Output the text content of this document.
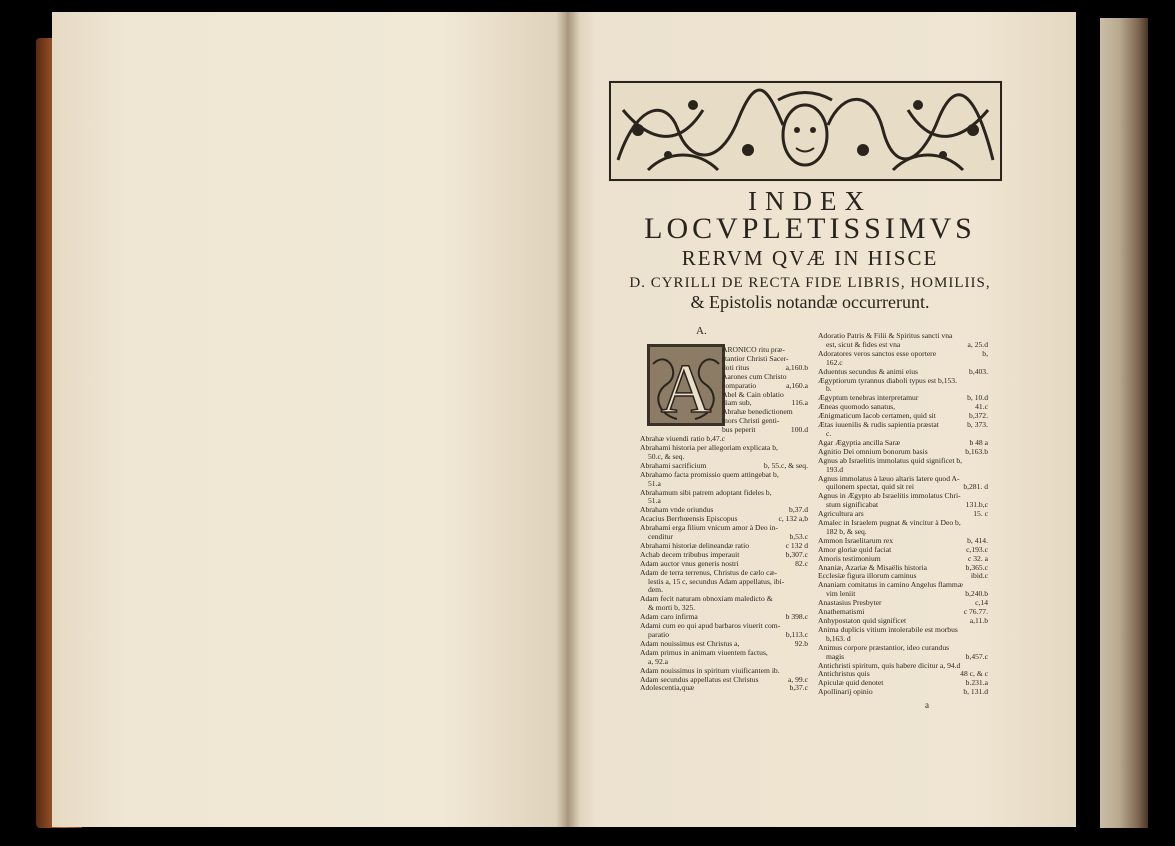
INDEX
LOCVPLETISSIMVS
RERVM QVÆ IN HISCE
D. CYRILLI DE RECTA FIDE LIBRIS, HOMILIIS,
& Epistolis notandæ occurrerunt.
A.
A
ARONICO ritu præ-
stantior Christi Sacer-
doti ritus	a,160.b
Aarones cum Christo
comparatio	a,160.a
Abel & Cain oblatio
diam sub,	116.a
Abrahæ benedictionem
mors Christi genti-
bus peperit	100.d
Abrahæ viuendi ratio b,47.c
Abrahami historia per allegoriam explicata b,
50.c, & seq.
Abrahami sacrificium	b, 55.c, & seq.
Abrahamo facta promissio quem attingebat b,
51.a
Abrahamum sibi patrem adoptant fideles b,
51.a
Abraham vnde oriundus	b,37.d
Acacius Berrhœensis Episcopus	c, 132 a,b
Abrahami erga filium vnicum amor à Deo in-
cenditur	b,53.c
Abrahami historiæ delineandæ ratio	c 132 d
Achab decem tribubus imperauit	b,307.c
Adam auctor vnus generis nostri	82.c
Adam de terra terrenus, Christus de cælo cæ-
lestis a, 15 c, secundus Adam appellatus, ibi-
dem.
Adam fecit naturam obnoxiam maledicto &
& morti b, 325.
Adam caro infirma	b 398.c
Adami cum eo qui apud barbaros viuerit com-
paratio	b,113.c
Adam nouissimus est Christus a,	92.b
Adam primus in animam viuentem factus,
a, 92.a
Adam nouissimus in spiritum viuificantem ib.
Adam secundus appellatus est Christus	a, 99.c
Adolescentia,quæ	b,37.c
Adoratio Patris & Filii & Spiritus sancti vna
est, sicut & fides est vna	a, 25.d
Adoratores veros sanctos esse oportere	b,
162.c
Aduentus secundus & animi eius	b,403.
Ægyptiorum tyrannus diaboli typus est b,153.
b.
Ægyptum tenebras interpretamur	b, 10.d
Æneas quomodo sanatus,	41.c
Ænigmaticum Iacob certamen, quid sit	b,372.
Ætas iuuenilis & rudis sapientia præstat	b, 373.
c.
Agar Ægyptia ancilla Saræ	b 48 a
Agnitio Dei omnium bonorum basis	b,163.b
Agnus ab Israelitis immolatus quid significet b,
193.d
Agnus immolatus à læuo altaris latere quod A-
quilonem spectat, quid sit rei	b,281. d
Agnus in Ægypto ab Israelitis immolatus Chri-
stum significabat	131.b,c
Agricultura ars	15. c
Amalec in Israelem pugnat & vincitur à Deo b,
182 b, & seq.
Ammon Israelitarum rex	b, 414.
Amor gloriæ quid faciat	c,193.c
Amoris testimonium	c 32. a
Ananiæ, Azariæ & Misaëlis historia	b,365.c
Ecclesiæ figura illorum caminus	ibid.c
Ananiam comitatus in camino Angelus flammæ
vim leniit	b,240.b
Anastasius Presbyter	c,14
Anathematismi	c 76.77.
Anhypostaton quid significet	a,11.b
Anima duplicis vitium intolerabile est morbus
b,163. d
Animus corpore præstantior, ideo curandus
magis	b,457.c
Antichristi spiritum, quis habere dicitur a, 94.d
Antichristus quis	48 c, & c
Apiculæ quid denotet	b.231.a
Apollinarij opinio	b, 131.d
a
